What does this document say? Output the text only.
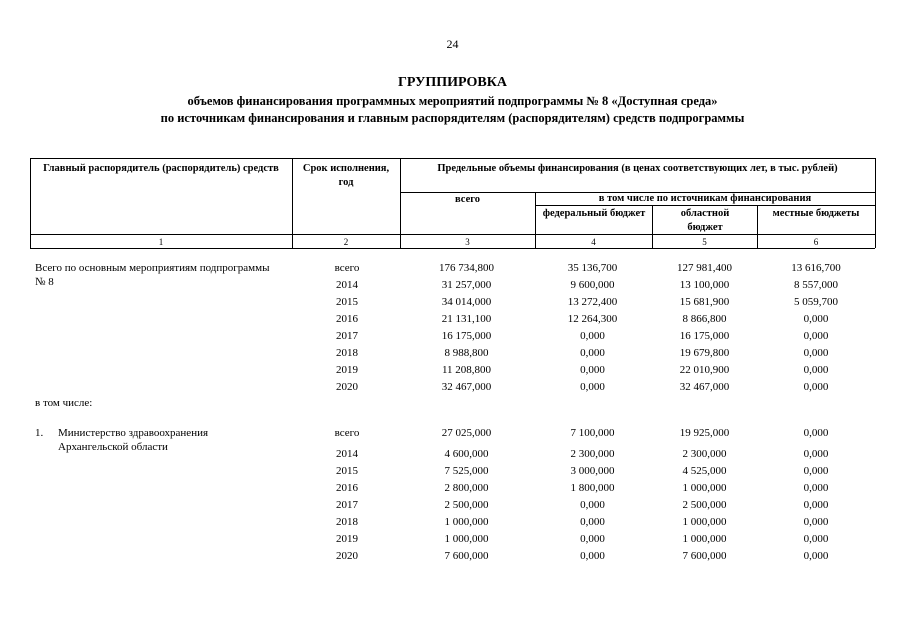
24
ГРУППИРОВКА
объемов финансирования программных мероприятий подпрограммы № 8 «Доступная среда»
по источникам финансирования и главным распорядителям (распорядителям) средств подпрограммы
Главный распорядитель (распорядитель) средств	Срок исполнения, год
Предельные объемы финансирования (в ценах соответствующих лет, в тыс. рублей)
всего	в том числе по источникам финансирования
федеральный бюджет	областной бюджет
местные бюджеты
1	2	3	4	5	6
Всего по основным мероприятиям подпрограммы № 8
всего	176 734,800	35 136,700	127 981,400	13 616,700
2014	31 257,000	9 600,000	13 100,000	8 557,000
2015	34 014,000	13 272,400	15 681,900	5 059,700
2016	21 131,100	12 264,300	8 866,800	0,000
2017	16 175,000	0,000	16 175,000	0,000
2018	8 988,800	0,000	19 679,800	0,000
2019	11 208,800	0,000	22 010,900	0,000
2020	32 467,000	0,000	32 467,000	0,000
в том числе:
1. Министерство здравоохранения
Архангельской области
всего	27 025,000	7 100,000	19 925,000	0,000
2014	4 600,000	2 300,000	2 300,000	0,000
2015	7 525,000	3 000,000	4 525,000	0,000
2016	2 800,000	1 800,000	1 000,000	0,000
2017	2 500,000	0,000	2 500,000	0,000
2018	1 000,000	0,000	1 000,000	0,000
2019	1 000,000	0,000	1 000,000	0,000
2020	7 600,000	0,000	7 600,000	0,000
